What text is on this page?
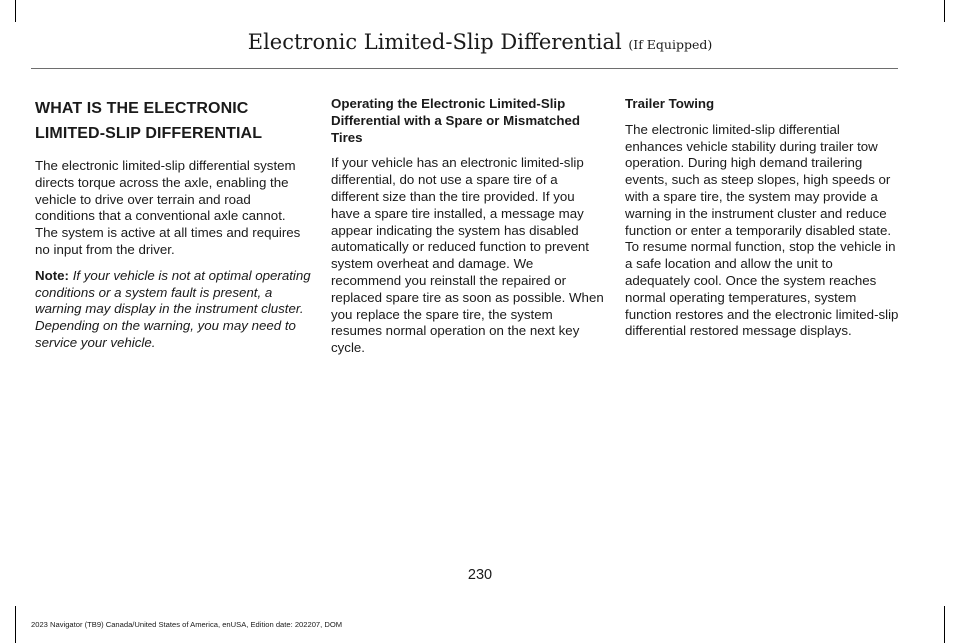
Electronic Limited-Slip Differential (If Equipped)
WHAT IS THE ELECTRONIC
LIMITED-SLIP DIFFERENTIAL
The electronic limited-slip differential system directs torque across the axle, enabling the vehicle to drive over terrain and road conditions that a conventional axle cannot. The system is active at all times and requires no input from the driver.
Note: If your vehicle is not at optimal operating conditions or a system fault is present, a warning may display in the instrument cluster. Depending on the warning, you may need to service your vehicle.
Operating the Electronic Limited-Slip Differential with a Spare or Mismatched Tires
If your vehicle has an electronic limited-slip differential, do not use a spare tire of a different size than the tire provided. If you have a spare tire installed, a message may appear indicating the system has disabled automatically or reduced function to prevent system overheat and damage. We recommend you reinstall the repaired or replaced spare tire as soon as possible. When you replace the spare tire, the system resumes normal operation on the next key cycle.
Trailer Towing
The electronic limited-slip differential enhances vehicle stability during trailer tow operation. During high demand trailering events, such as steep slopes, high speeds or with a spare tire, the system may provide a warning in the instrument cluster and reduce function or enter a temporarily disabled state. To resume normal function, stop the vehicle in a safe location and allow the unit to adequately cool. Once the system reaches normal operating temperatures, system function restores and the electronic limited-slip differential restored message displays.
230
2023 Navigator (TB9) Canada/United States of America, enUSA, Edition date: 202207, DOM
